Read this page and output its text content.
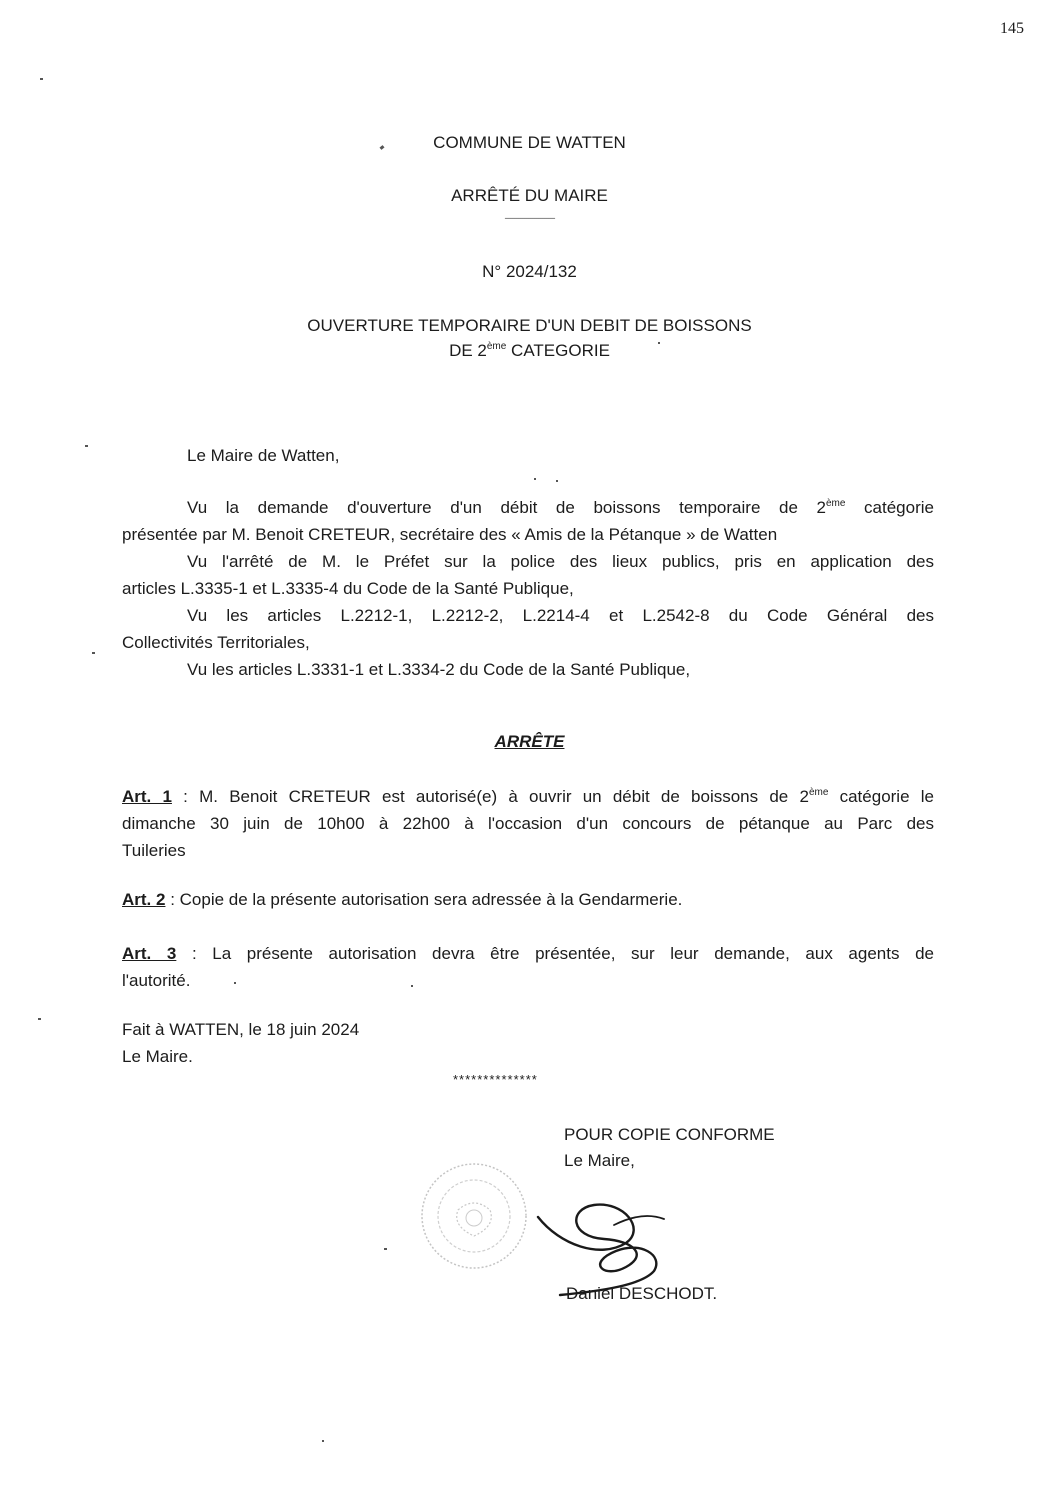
145
COMMUNE DE WATTEN
ARRÊTÉ DU MAIRE
-------------------------
N° 2024/132
OUVERTURE TEMPORAIRE D'UN DEBIT DE BOISSONS
DE 2ème CATEGORIE
Le Maire de Watten,
Vu la demande d'ouverture d'un débit de boissons temporaire de 2ème catégorie
présentée par M. Benoit CRETEUR, secrétaire des « Amis de la Pétanque » de Watten
Vu l'arrêté de M. le Préfet sur la police des lieux publics, pris en application des
articles L.3335-1 et L.3335-4 du Code de la Santé Publique,
Vu les articles L.2212-1, L.2212-2, L.2214-4 et L.2542-8 du Code Général des
Collectivités Territoriales,
Vu les articles L.3331-1 et L.3334-2 du Code de la Santé Publique,
ARRÊTE
Art. 1 : M. Benoit CRETEUR est autorisé(e) à ouvrir un débit de boissons de 2ème catégorie le
dimanche 30 juin de 10h00 à 22h00 à l'occasion d'un concours de pétanque au Parc des
Tuileries
Art. 2 : Copie de la présente autorisation sera adressée à la Gendarmerie.
Art. 3 : La présente autorisation devra être présentée, sur leur demande, aux agents de
l'autorité.
Fait à WATTEN, le 18 juin 2024
Le Maire.
**************
POUR COPIE CONFORME
Le Maire,
Daniel DESCHODT.
